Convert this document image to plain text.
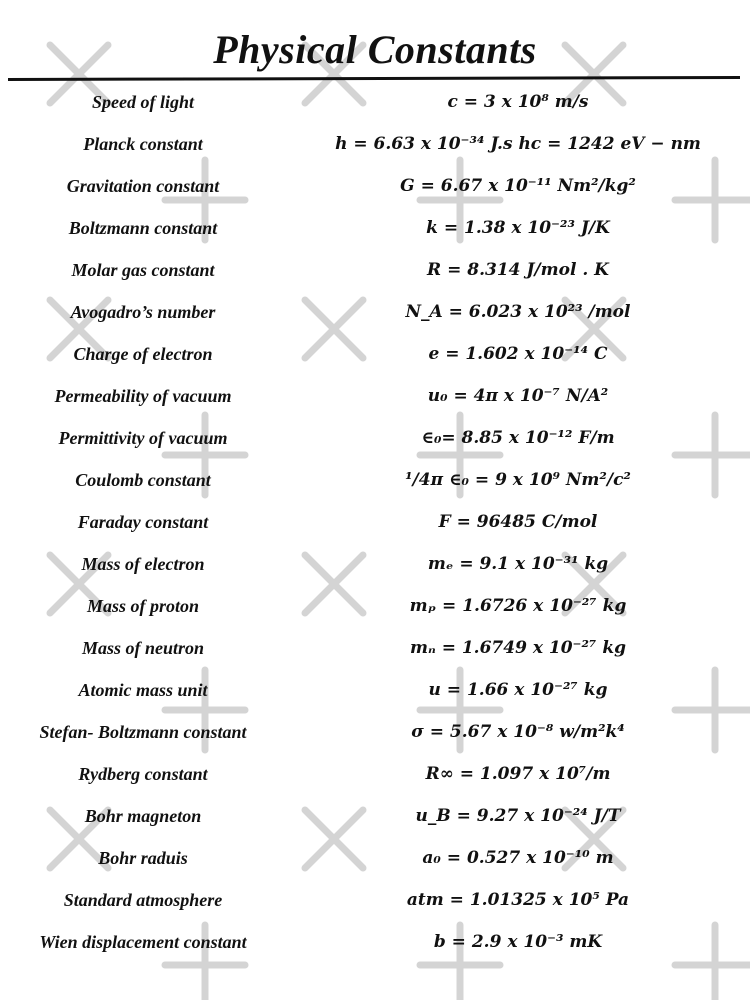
Physical Constants
Speed of light	c = 3 x 10⁸ m/s
Planck constant	h = 6.63 x 10⁻³⁴ J.s hc = 1242 eV − nm
Gravitation constant	G = 6.67 x 10⁻¹¹ Nm²/kg²
Boltzmann constant	k = 1.38 x 10⁻²³ J/K
Molar gas constant	R = 8.314 J/mol . K
Avogadro’s number	N_A = 6.023 x 10²³ /mol
Charge of electron	e = 1.602 x 10⁻¹⁴ C
Permeability of vacuum	u₀ = 4π x 10⁻⁷ N/A²
Permittivity of vacuum	∈₀= 8.85 x 10⁻¹² F/m
Coulomb constant	¹/4π ∈₀ = 9 x 10⁹ Nm²/c²
Faraday constant	F = 96485 C/mol
Mass of electron	mₑ = 9.1 x 10⁻³¹ kg
Mass of proton	mₚ = 1.6726 x 10⁻²⁷ kg
Mass of neutron	mₙ = 1.6749 x 10⁻²⁷ kg
Atomic mass unit	u = 1.66 x 10⁻²⁷ kg
Stefan- Boltzmann constant	σ = 5.67 x 10⁻⁸ w/m²k⁴
Rydberg constant	R∞ = 1.097 x 10⁷/m
Bohr magneton	u_B = 9.27 x 10⁻²⁴ J/T
Bohr raduis	a₀ = 0.527 x 10⁻¹⁰ m
Standard atmosphere	atm = 1.01325 x 10⁵ Pa
Wien displacement constant	b = 2.9 x 10⁻³ mK
